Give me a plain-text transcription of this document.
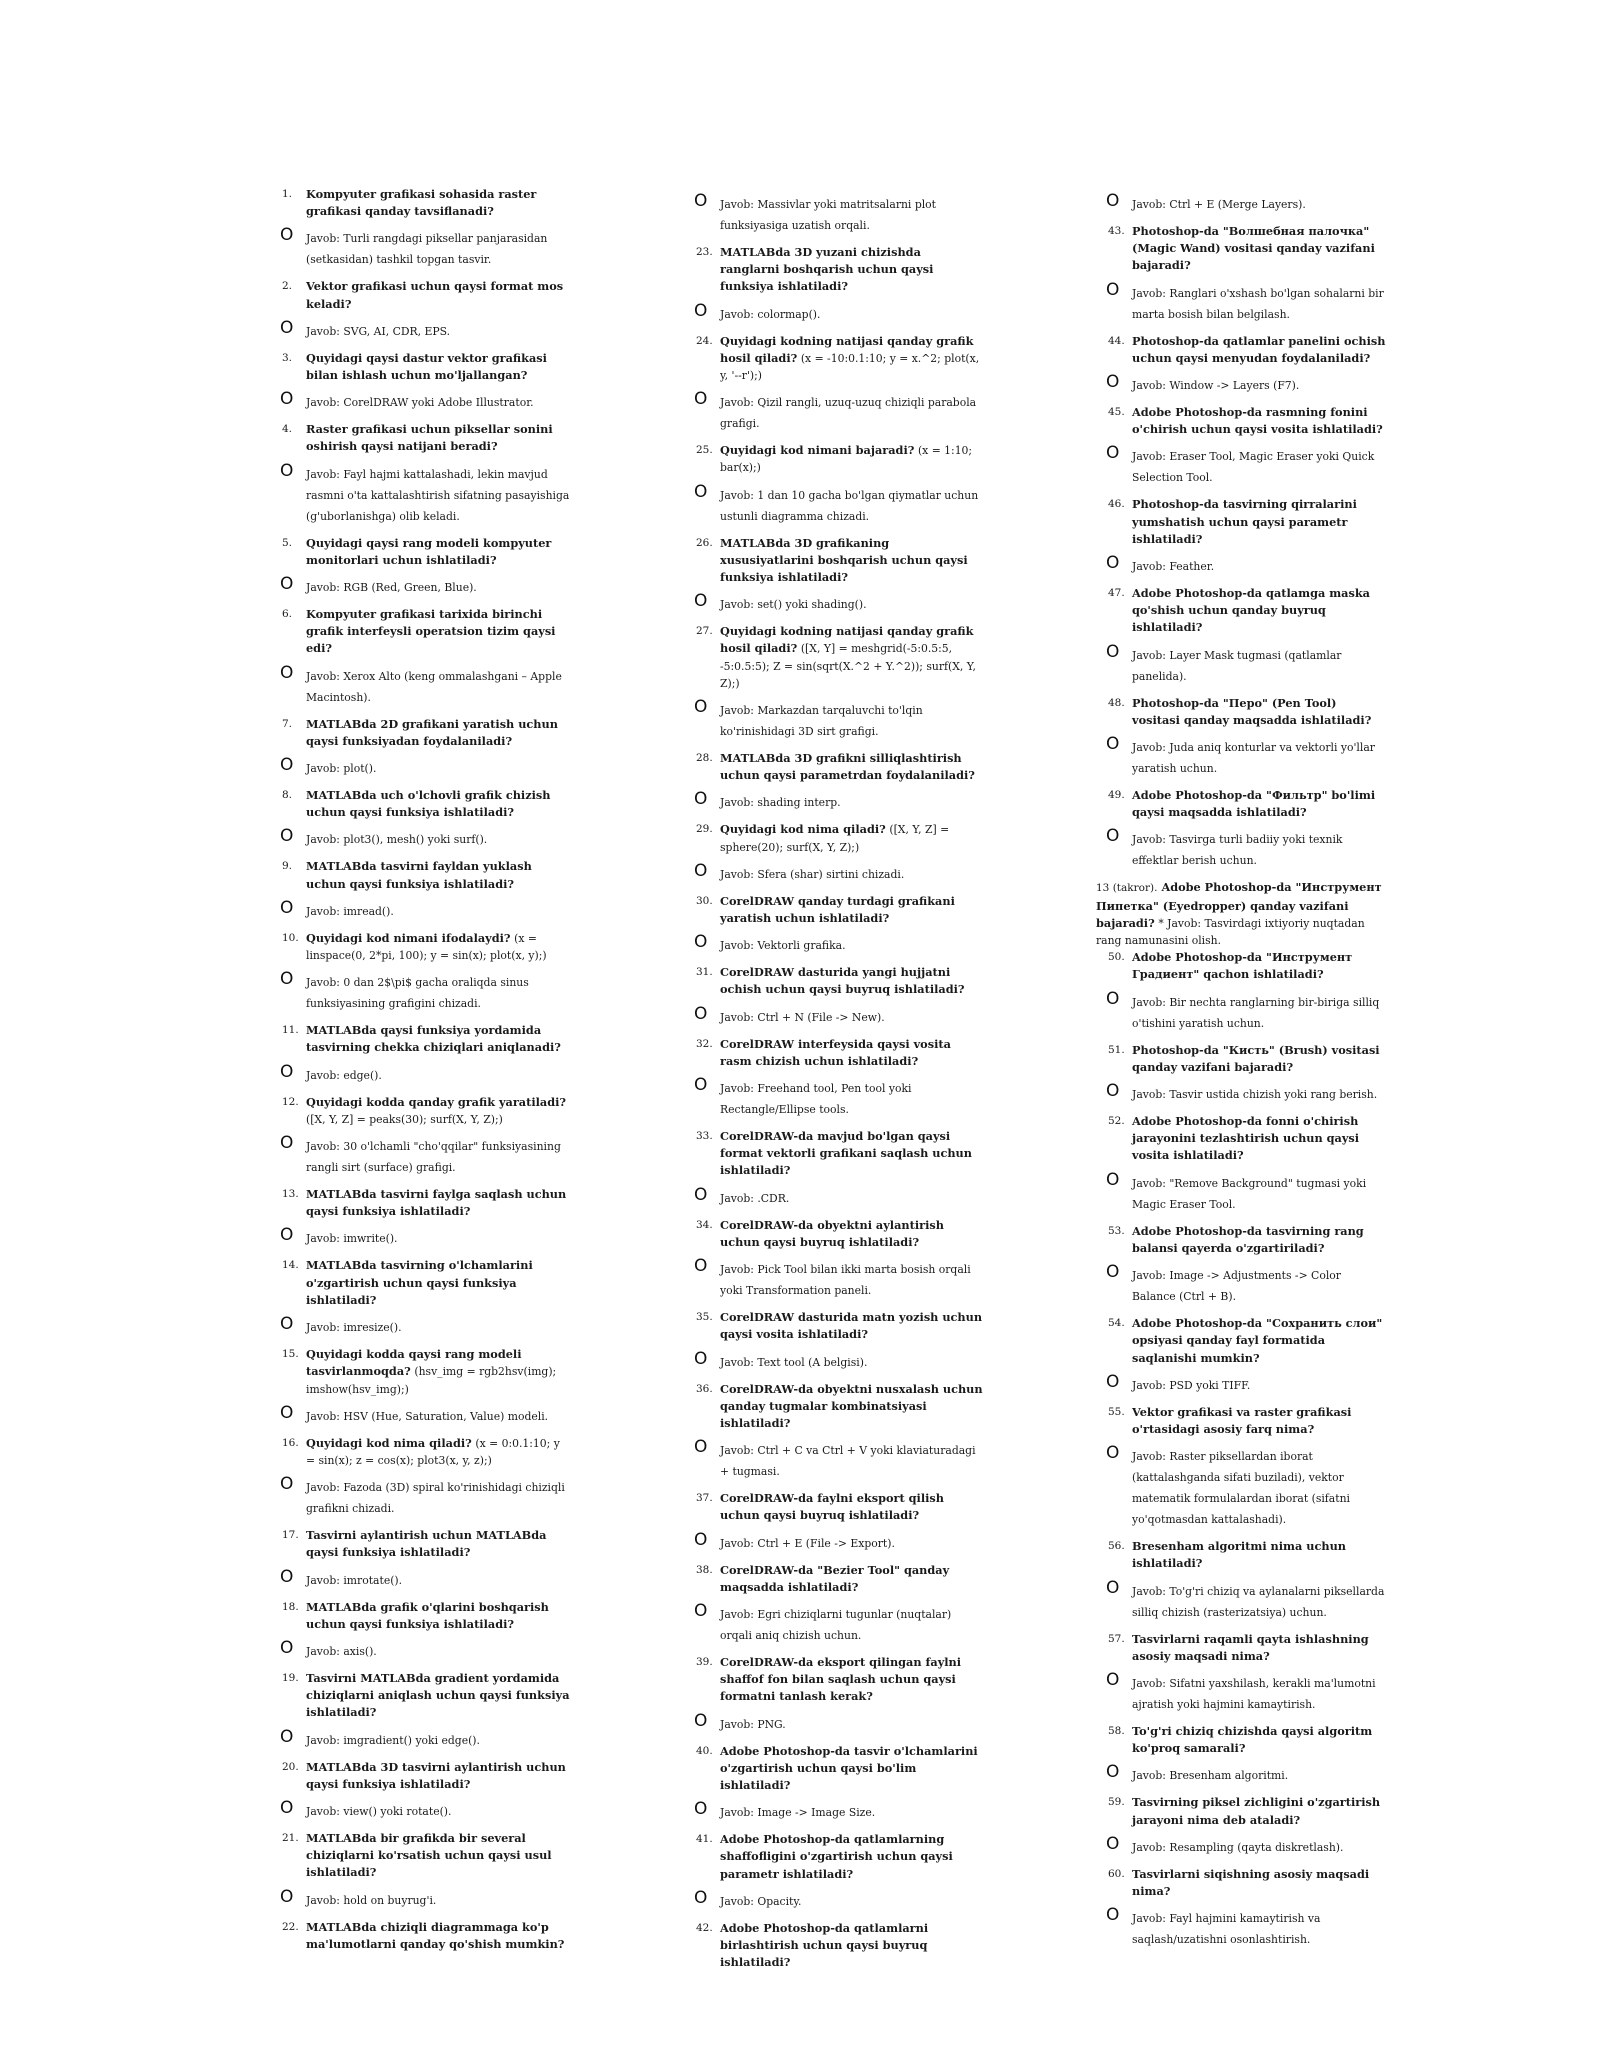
1. Kompyuter grafikasi sohasida raster grafikasi qanday tavsiflanadi?
O Javob: Turli rangdagi piksellar panjarasidan (setkasidan) tashkil topgan tasvir.
2. Vektor grafikasi uchun qaysi format mos keladi?
O Javob: SVG, AI, CDR, EPS.
3. Quyidagi qaysi dastur vektor grafikasi bilan ishlash uchun mo'ljallangan?
O Javob: CorelDRAW yoki Adobe Illustrator.
4. Raster grafikasi uchun piksellar sonini oshirish qaysi natijani beradi?
O Javob: Fayl hajmi kattalashadi, lekin mavjud rasmni o'ta kattalashtirish sifatning pasayishiga (g'uborlanishga) olib keladi.
5. Quyidagi qaysi rang modeli kompyuter monitorlari uchun ishlatiladi?
O Javob: RGB (Red, Green, Blue).
6. Kompyuter grafikasi tarixida birinchi grafik interfeysli operatsion tizim qaysi edi?
O Javob: Xerox Alto (keng ommalashgani – Apple Macintosh).
7. MATLABda 2D grafikani yaratish uchun qaysi funksiyadan foydalaniladi?
O Javob: plot().
8. MATLABda uch o'lchovli grafik chizish uchun qaysi funksiya ishlatiladi?
O Javob: plot3(), mesh() yoki surf().
9. MATLABda tasvirni fayldan yuklash uchun qaysi funksiya ishlatiladi?
O Javob: imread().
10. Quyidagi kod nimani ifodalaydi? (x = linspace(0, 2*pi, 100); y = sin(x); plot(x, y);)
O Javob: 0 dan 2$\pi$ gacha oraliqda sinus funksiyasining grafigini chizadi.
11. MATLABda qaysi funksiya yordamida tasvirning chekka chiziqlari aniqlanadi?
O Javob: edge().
12. Quyidagi kodda qanday grafik yaratiladi? ([X, Y, Z] = peaks(30); surf(X, Y, Z);)
O Javob: 30 o'lchamli "cho'qqilar" funksiyasining rangli sirt (surface) grafigi.
13. MATLABda tasvirni faylga saqlash uchun qaysi funksiya ishlatiladi?
O Javob: imwrite().
14. MATLABda tasvirning o'lchamlarini o'zgartirish uchun qaysi funksiya ishlatiladi?
O Javob: imresize().
15. Quyidagi kodda qaysi rang modeli tasvirlanmoqda? (hsv_img = rgb2hsv(img); imshow(hsv_img);)
O Javob: HSV (Hue, Saturation, Value) modeli.
16. Quyidagi kod nima qiladi? (x = 0:0.1:10; y = sin(x); z = cos(x); plot3(x, y, z);)
O Javob: Fazoda (3D) spiral ko'rinishidagi chiziqli grafikni chizadi.
17. Tasvirni aylantirish uchun MATLABda qaysi funksiya ishlatiladi?
O Javob: imrotate().
18. MATLABda grafik o'qlarini boshqarish uchun qaysi funksiya ishlatiladi?
O Javob: axis().
19. Tasvirni MATLABda gradient yordamida chiziqlarni aniqlash uchun qaysi funksiya ishlatiladi?
O Javob: imgradient() yoki edge().
20. MATLABda 3D tasvirni aylantirish uchun qaysi funksiya ishlatiladi?
O Javob: view() yoki rotate().
21. MATLABda bir grafikda bir several chiziqlarni ko'rsatish uchun qaysi usul ishlatiladi?
O Javob: hold on buyrug'i.
22. MATLABda chiziqli diagrammaga ko'p ma'lumotlarni qanday qo'shish mumkin?
O Javob: Massivlar yoki matritsalarni plot funksiyasiga uzatish orqali.
23. MATLABda 3D yuzani chizishda ranglarni boshqarish uchun qaysi funksiya ishlatiladi?
O Javob: colormap().
24. Quyidagi kodning natijasi qanday grafik hosil qiladi? (x = -10:0.1:10; y = x.^2; plot(x, y, '--r');)
O Javob: Qizil rangli, uzuq-uzuq chiziqli parabola grafigi.
25. Quyidagi kod nimani bajaradi? (x = 1:10; bar(x);)
O Javob: 1 dan 10 gacha bo'lgan qiymatlar uchun ustunli diagramma chizadi.
26. MATLABda 3D grafikaning xususiyatlarini boshqarish uchun qaysi funksiya ishlatiladi?
O Javob: set() yoki shading().
27. Quyidagi kodning natijasi qanday grafik hosil qiladi? ([X, Y] = meshgrid(-5:0.5:5, -5:0.5:5); Z = sin(sqrt(X.^2 + Y.^2)); surf(X, Y, Z);)
O Javob: Markazdan tarqaluvchi to'lqin ko'rinishidagi 3D sirt grafigi.
28. MATLABda 3D grafikni silliqlashtirish uchun qaysi parametrdan foydalaniladi?
O Javob: shading interp.
29. Quyidagi kod nima qiladi? ([X, Y, Z] = sphere(20); surf(X, Y, Z);)
O Javob: Sfera (shar) sirtini chizadi.
30. CorelDRAW qanday turdagi grafikani yaratish uchun ishlatiladi?
O Javob: Vektorli grafika.
31. CorelDRAW dasturida yangi hujjatni ochish uchun qaysi buyruq ishlatiladi?
O Javob: Ctrl + N (File -> New).
32. CorelDRAW interfeysida qaysi vosita rasm chizish uchun ishlatiladi?
O Javob: Freehand tool, Pen tool yoki Rectangle/Ellipse tools.
33. CorelDRAW-da mavjud bo'lgan qaysi format vektorli grafikani saqlash uchun ishlatiladi?
O Javob: .CDR.
34. CorelDRAW-da obyektni aylantirish uchun qaysi buyruq ishlatiladi?
O Javob: Pick Tool bilan ikki marta bosish orqali yoki Transformation paneli.
35. CorelDRAW dasturida matn yozish uchun qaysi vosita ishlatiladi?
O Javob: Text tool (A belgisi).
36. CorelDRAW-da obyektni nusxalash uchun qanday tugmalar kombinatsiyasi ishlatiladi?
O Javob: Ctrl + C va Ctrl + V yoki klaviaturadagi + tugmasi.
37. CorelDRAW-da faylni eksport qilish uchun qaysi buyruq ishlatiladi?
O Javob: Ctrl + E (File -> Export).
38. CorelDRAW-da "Bezier Tool" qanday maqsadda ishlatiladi?
O Javob: Egri chiziqlarni tugunlar (nuqtalar) orqali aniq chizish uchun.
39. CorelDRAW-da eksport qilingan faylni shaffof fon bilan saqlash uchun qaysi formatni tanlash kerak?
O Javob: PNG.
40. Adobe Photoshop-da tasvir o'lchamlarini o'zgartirish uchun qaysi bo'lim ishlatiladi?
O Javob: Image -> Image Size.
41. Adobe Photoshop-da qatlamlarning shaffofligini o'zgartirish uchun qaysi parametr ishlatiladi?
O Javob: Opacity.
42. Adobe Photoshop-da qatlamlarni birlashtirish uchun qaysi buyruq ishlatiladi?
O Javob: Ctrl + E (Merge Layers).
43. Photoshop-da "Волшебная палочка" (Magic Wand) vositasi qanday vazifani bajaradi?
O Javob: Ranglari o'xshash bo'lgan sohalarni bir marta bosish bilan belgilash.
44. Photoshop-da qatlamlar panelini ochish uchun qaysi menyudan foydalaniladi?
O Javob: Window -> Layers (F7).
45. Adobe Photoshop-da rasmning fonini o'chirish uchun qaysi vosita ishlatiladi?
O Javob: Eraser Tool, Magic Eraser yoki Quick Selection Tool.
46. Photoshop-da tasvirning qirralarini yumshatish uchun qaysi parametr ishlatiladi?
O Javob: Feather.
47. Adobe Photoshop-da qatlamga maska qo'shish uchun qanday buyruq ishlatiladi?
O Javob: Layer Mask tugmasi (qatlamlar panelida).
48. Photoshop-da "Перо" (Pen Tool) vositasi qanday maqsadda ishlatiladi?
O Javob: Juda aniq konturlar va vektorli yo'llar yaratish uchun.
49. Adobe Photoshop-da "Фильтр" bo'limi qaysi maqsadda ishlatiladi?
O Javob: Tasvirga turli badiiy yoki texnik effektlar berish uchun.
13 (takror). Adobe Photoshop-da "Инструмент Пипетка" (Eyedropper) qanday vazifani bajaradi? * Javob: Tasvirdagi ixtiyoriy nuqtadan rang namunasini olish.
50. Adobe Photoshop-da "Инструмент Градиент" qachon ishlatiladi?
O Javob: Bir nechta ranglarning bir-biriga silliq o'tishini yaratish uchun.
51. Photoshop-da "Кисть" (Brush) vositasi qanday vazifani bajaradi?
O Javob: Tasvir ustida chizish yoki rang berish.
52. Adobe Photoshop-da fonni o'chirish jarayonini tezlashtirish uchun qaysi vosita ishlatiladi?
O Javob: "Remove Background" tugmasi yoki Magic Eraser Tool.
53. Adobe Photoshop-da tasvirning rang balansi qayerda o'zgartiriladi?
O Javob: Image -> Adjustments -> Color Balance (Ctrl + B).
54. Adobe Photoshop-da "Сохранить слои" opsiyasi qanday fayl formatida saqlanishi mumkin?
O Javob: PSD yoki TIFF.
55. Vektor grafikasi va raster grafikasi o'rtasidagi asosiy farq nima?
O Javob: Raster piksellardan iborat (kattalashganda sifati buziladi), vektor matematik formulalardan iborat (sifatni yo'qotmasdan kattalashadi).
56. Bresenham algoritmi nima uchun ishlatiladi?
O Javob: To'g'ri chiziq va aylanalarni piksellarda silliq chizish (rasterizatsiya) uchun.
57. Tasvirlarni raqamli qayta ishlashning asosiy maqsadi nima?
O Javob: Sifatni yaxshilash, kerakli ma'lumotni ajratish yoki hajmini kamaytirish.
58. To'g'ri chiziq chizishda qaysi algoritm ko'proq samarali?
O Javob: Bresenham algoritmi.
59. Tasvirning piksel zichligini o'zgartirish jarayoni nima deb ataladi?
O Javob: Resampling (qayta diskretlash).
60. Tasvirlarni siqishning asosiy maqsadi nima?
O Javob: Fayl hajmini kamaytirish va saqlash/uzatishni osonlashtirish.
